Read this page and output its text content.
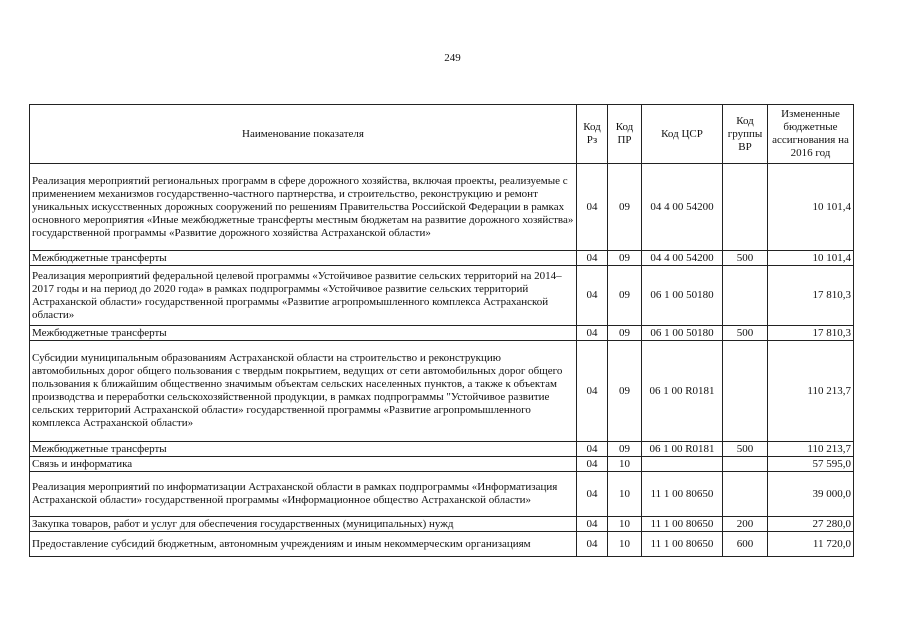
249
Наименование показателя	Код Рз	Код ПР	Код ЦСР	Код группы ВР	Измененные бюджетные ассигнования на 2016 год
Реализация мероприятий региональных программ в сфере дорожного хозяйства, включая проекты, реализуемые с применением механизмов государственно-частного партнерства, и строительство, реконструкцию и ремонт уникальных искусственных дорожных сооружений по решениям Правительства Российской Федерации в рамках основного мероприятия «Иные межбюджетные трансферты местным бюджетам на развитие дорожного хозяйства» государственной программы «Развитие дорожного хозяйства Астраханской области»	04	09	04 4 00 54200		10 101,4
Межбюджетные трансферты	04	09	04 4 00 54200	500	10 101,4
Реализация мероприятий федеральной целевой программы «Устойчивое развитие сельских территорий на 2014–2017 годы и на период до 2020 года» в рамках подпрограммы «Устойчивое развитие сельских территорий Астраханской области» государственной программы «Развитие агропромышленного комплекса Астраханской области»	04	09	06 1 00 50180		17 810,3
Межбюджетные трансферты	04	09	06 1 00 50180	500	17 810,3
Субсидии муниципальным образованиям Астраханской области на строительство и реконструкцию автомобильных дорог общего пользования с твердым покрытием, ведущих от сети автомобильных дорог общего пользования к ближайшим общественно значимым объектам сельских населенных пунктов, а также к объектам производства и переработки сельскохозяйственной продукции, в рамках подпрограммы "Устойчивое развитие сельских территорий Астраханской области» государственной программы «Развитие агропромышленного комплекса Астраханской области»	04	09	06 1 00 R0181		110 213,7
Межбюджетные трансферты	04	09	06 1 00 R0181	500	110 213,7
Связь и информатика	04	10			57 595,0
Реализация мероприятий по информатизации Астраханской области в рамках подпрограммы «Информатизация Астраханской области» государственной программы «Информационное общество Астраханской области»	04	10	11 1 00 80650		39 000,0
Закупка товаров, работ и услуг для обеспечения государственных (муниципальных) нужд	04	10	11 1 00 80650	200	27 280,0
Предоставление субсидий бюджетным, автономным учреждениям и иным некоммерческим организациям	04	10	11 1 00 80650	600	11 720,0
